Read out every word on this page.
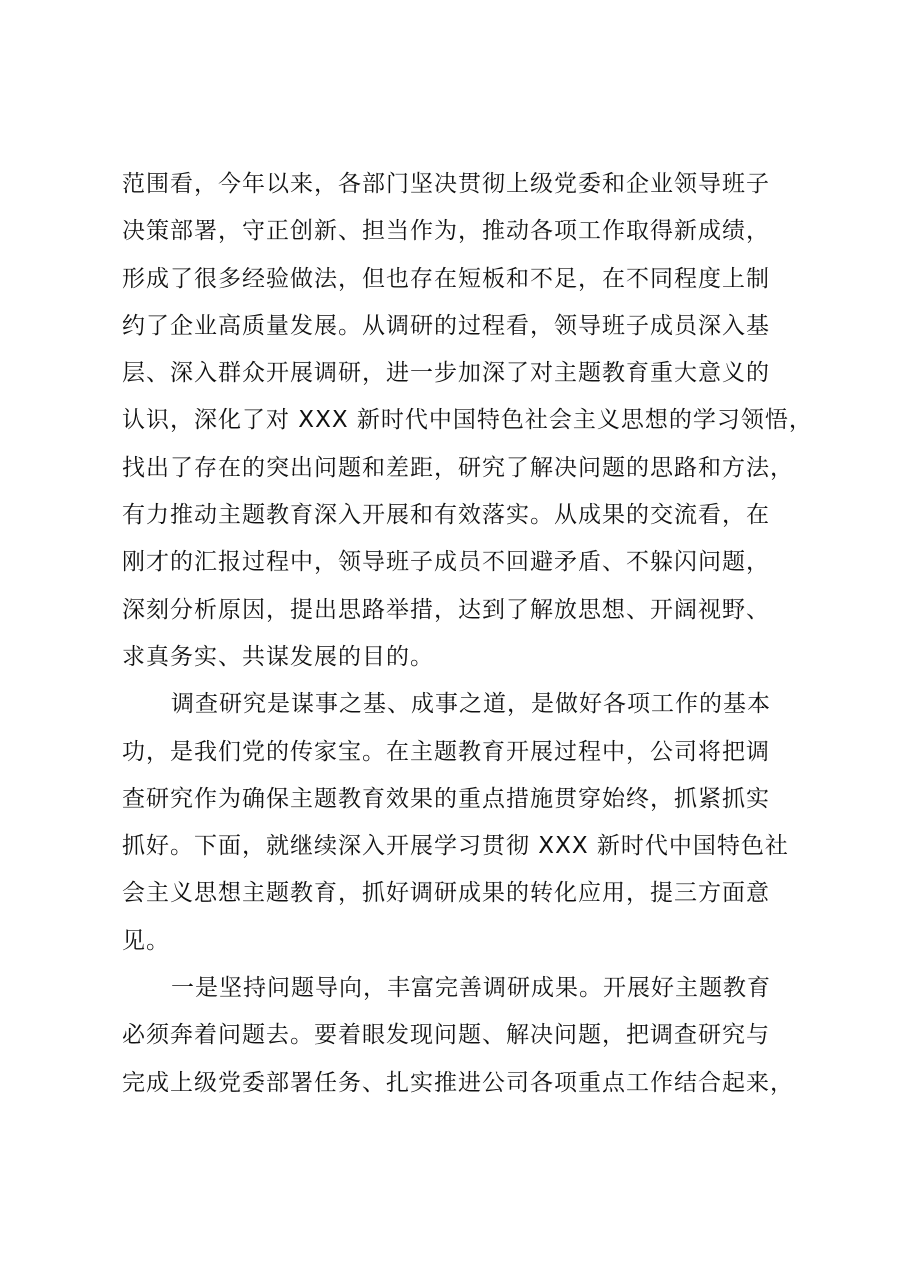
范围看，今年以来，各部门坚决贯彻上级党委和企业领导班子
决策部署，守正创新、担当作为，推动各项工作取得新成绩，
形成了很多经验做法，但也存在短板和不足，在不同程度上制
约了企业高质量发展。从调研的过程看，领导班子成员深入基
层、深入群众开展调研，进一步加深了对主题教育重大意义的
认识，深化了对 XXX 新时代中国特色社会主义思想的学习领悟，
找出了存在的突出问题和差距，研究了解决问题的思路和方法，
有力推动主题教育深入开展和有效落实。从成果的交流看，在
刚才的汇报过程中，领导班子成员不回避矛盾、不躲闪问题，
深刻分析原因，提出思路举措，达到了解放思想、开阔视野、
求真务实、共谋发展的目的。
调查研究是谋事之基、成事之道，是做好各项工作的基本
功，是我们党的传家宝。在主题教育开展过程中，公司将把调
查研究作为确保主题教育效果的重点措施贯穿始终，抓紧抓实
抓好。下面，就继续深入开展学习贯彻 XXX 新时代中国特色社
会主义思想主题教育，抓好调研成果的转化应用，提三方面意
见。
一是坚持问题导向，丰富完善调研成果。开展好主题教育
必须奔着问题去。要着眼发现问题、解决问题，把调查研究与
完成上级党委部署任务、扎实推进公司各项重点工作结合起来，
